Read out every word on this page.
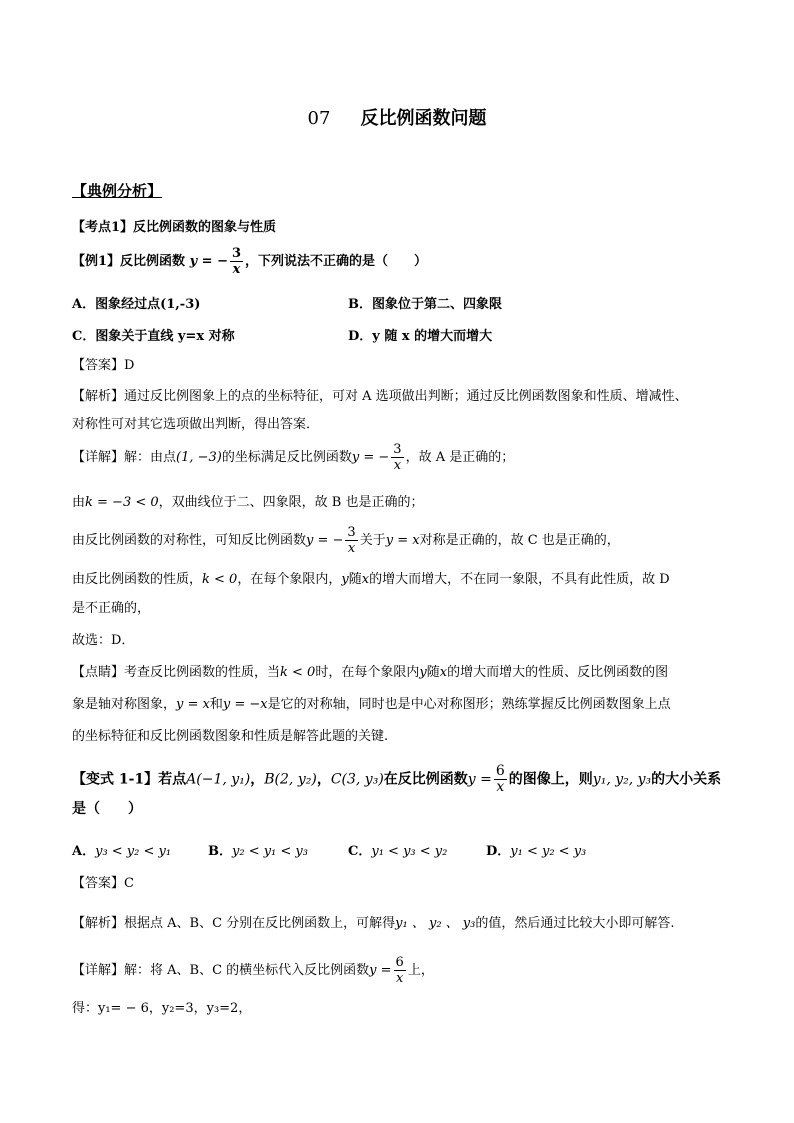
07 反比例函数问题
【典例分析】
【考点1】反比例函数的图象与性质
【例1】反比例函数 y = − $\frac{3}{x}$ ，下列说法不正确的是（　　）
A．图象经过点(1,-3)	B．图象位于第二、四象限
C．图象关于直线 y=x 对称	D．y 随 x 的增大而增大
【答案】D
【解析】通过反比例图象上的点的坐标特征，可对 A 选项做出判断；通过反比例函数图象和性质、增减性、
对称性可对其它选项做出判断，得出答案．
【详解】解：由点(1, −3)的坐标满足反比例函数y = − $\frac{3}{x}$ ，故 A 是正确的；
由k = −3 < 0，双曲线位于二、四象限，故 B 也是正确的；
由反比例函数的对称性，可知反比例函数y = − $\frac{3}{x}$ 关于y = x对称是正确的，故 C 也是正确的，
由反比例函数的性质，k < 0，在每个象限内，y随x的增大而增大，不在同一象限，不具有此性质，故 D
是不正确的，
故选：D．
【点睛】考查反比例函数的性质，当k < 0时，在每个象限内y随x的增大而增大的性质、反比例函数的图
象是轴对称图象，y = x和y = −x是它的对称轴，同时也是中心对称图形；熟练掌握反比例函数图象上点
的坐标特征和反比例函数图象和性质是解答此题的关键.
【变式 1-1】若点A(−1, y₁)，B(2, y₂)，C(3, y₃)在反比例函数$y = \frac{6}{x}$ 的图像上，则y₁, y₂, y₃的大小关系
是（　　）
A．y₃ < y₂ < y₁	B．y₂ < y₁ < y₃	C．y₁ < y₃ < y₂	D．y₁ < y₂ < y₃
【答案】C
【解析】根据点 A、B、C 分别在反比例函数上，可解得y₁ 、 y₂ 、 y₃的值，然后通过比较大小即可解答.
【详解】解：将 A、B、C 的横坐标代入反比例函数$y = \frac{6}{x}$ 上，
得：y₁= − 6，y₂=3，y₃=2，
